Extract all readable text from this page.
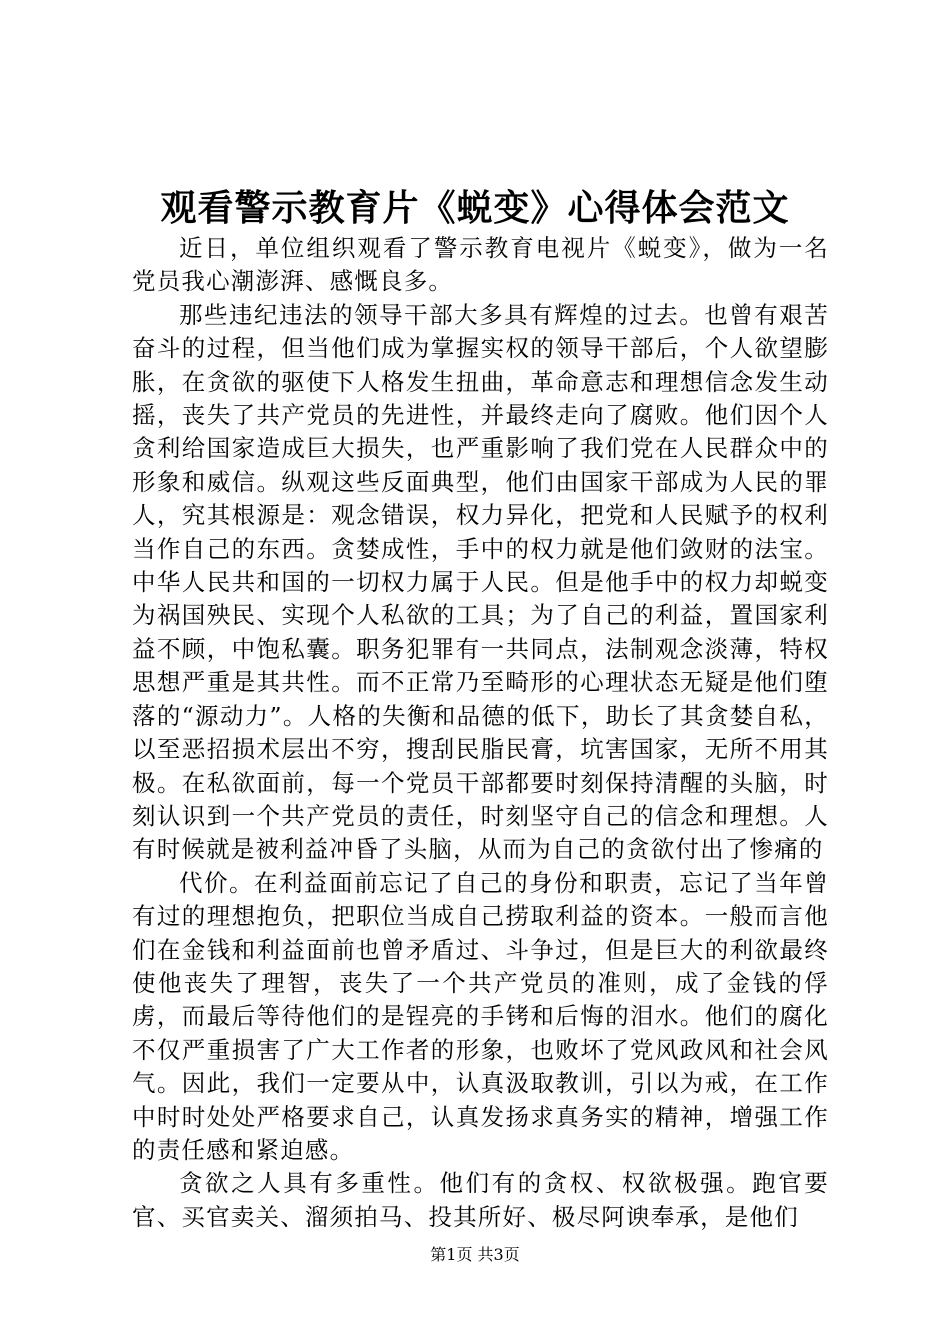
观看警示教育片《蜕变》心得体会范文

近日，单位组织观看了警示教育电视片《蜕变》，做为一名党员我心潮澎湃、感慨良多。

那些违纪违法的领导干部大多具有辉煌的过去。也曾有艰苦奋斗的过程，但当他们成为掌握实权的领导干部后，个人欲望膨胀，在贪欲的驱使下人格发生扭曲，革命意志和理想信念发生动摇，丧失了共产党员的先进性，并最终走向了腐败。他们因个人贪利给国家造成巨大损失，也严重影响了我们党在人民群众中的形象和威信。纵观这些反面典型，他们由国家干部成为人民的罪人，究其根源是：观念错误，权力异化，把党和人民赋予的权利当作自己的东西。贪婪成性，手中的权力就是他们敛财的法宝。中华人民共和国的一切权力属于人民。但是他手中的权力却蜕变为祸国殃民、实现个人私欲的工具；为了自己的利益，置国家利益不顾，中饱私囊。职务犯罪有一共同点，法制观念淡薄，特权思想严重是其共性。而不正常乃至畸形的心理状态无疑是他们堕落的“源动力”。人格的失衡和品德的低下，助长了其贪婪自私，以至恶招损术层出不穷，搜刮民脂民膏，坑害国家，无所不用其极。在私欲面前，每一个党员干部都要时刻保持清醒的头脑，时刻认识到一个共产党员的责任，时刻坚守自己的信念和理想。人有时候就是被利益冲昏了头脑，从而为自己的贪欲付出了惨痛的

代价。在利益面前忘记了自己的身份和职责，忘记了当年曾有过的理想抱负，把职位当成自己捞取利益的资本。一般而言他们在金钱和利益面前也曾矛盾过、斗争过，但是巨大的利欲最终使他丧失了理智，丧失了一个共产党员的准则，成了金钱的俘虏，而最后等待他们的是锃亮的手铐和后悔的泪水。他们的腐化不仅严重损害了广大工作者的形象，也败坏了党风政风和社会风气。因此，我们一定要从中，认真汲取教训，引以为戒，在工作中时时处处严格要求自己，认真发扬求真务实的精神，增强工作的责任感和紧迫感。

贪欲之人具有多重性。他们有的贪权、权欲极强。跑官要官、买官卖关、溜须拍马、投其所好、极尽阿谀奉承，是他们

第1页 共3页
